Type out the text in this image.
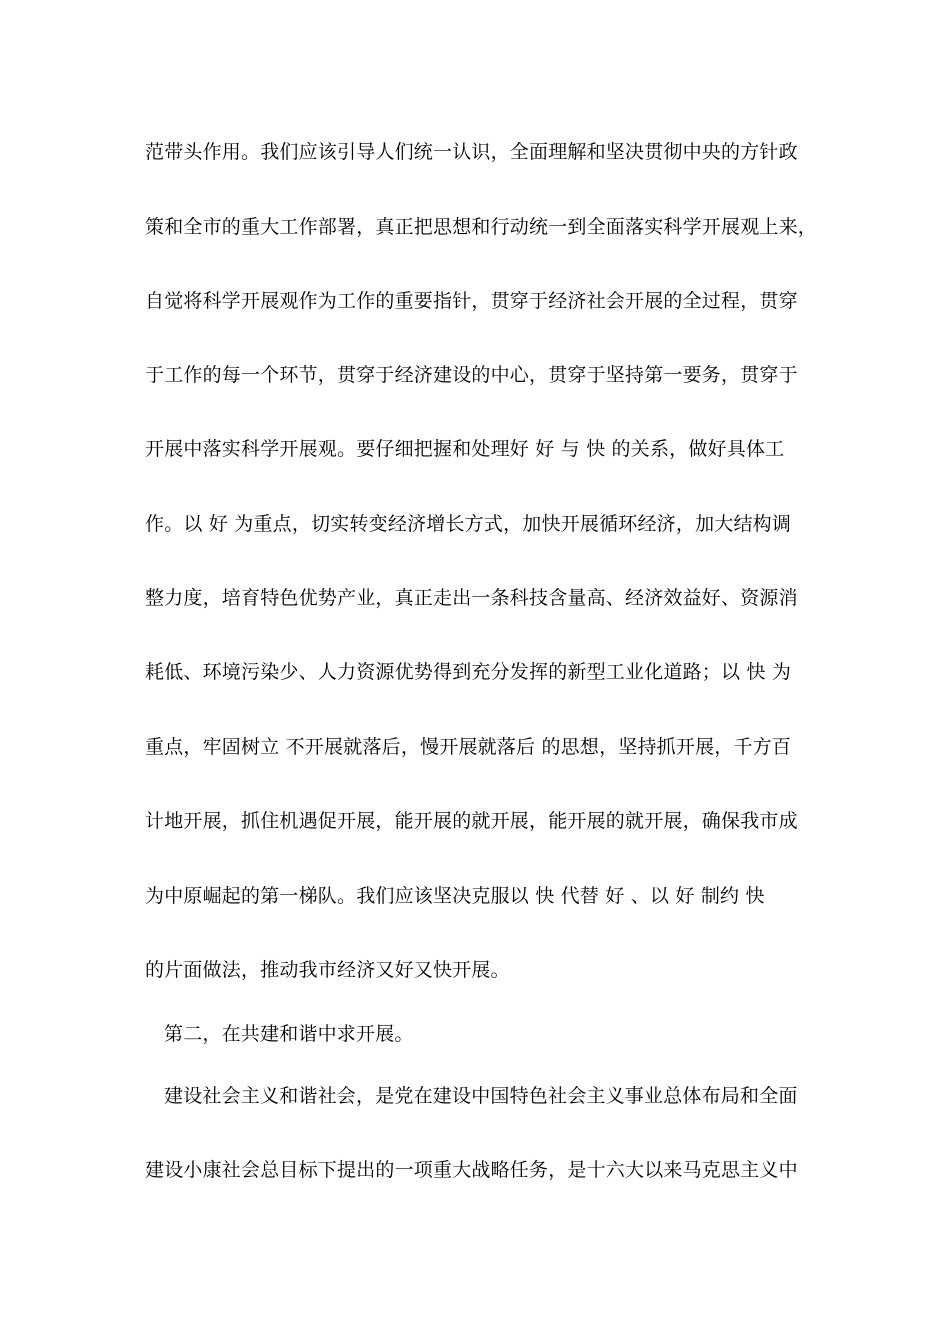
范带头作用。我们应该引导人们统一认识，全面理解和坚决贯彻中央的方针政
策和全市的重大工作部署，真正把思想和行动统一到全面落实科学开展观上来，
自觉将科学开展观作为工作的重要指针，贯穿于经济社会开展的全过程，贯穿
于工作的每一个环节，贯穿于经济建设的中心，贯穿于坚持第一要务，贯穿于
开展中落实科学开展观。要仔细把握和处理好 好 与 快 的关系，做好具体工
作。以 好 为重点，切实转变经济增长方式，加快开展循环经济，加大结构调
整力度，培育特色优势产业，真正走出一条科技含量高、经济效益好、资源消
耗低、环境污染少、人力资源优势得到充分发挥的新型工业化道路；以 快 为
重点，牢固树立 不开展就落后，慢开展就落后 的思想，坚持抓开展，千方百
计地开展，抓住机遇促开展，能开展的就开展，能开展的就开展，确保我市成
为中原崛起的第一梯队。我们应该坚决克服以 快 代替 好 、以 好 制约 快
的片面做法，推动我市经济又好又快开展。
第二，在共建和谐中求开展。
建设社会主义和谐社会，是党在建设中国特色社会主义事业总体布局和全面
建设小康社会总目标下提出的一项重大战略任务，是十六大以来马克思主义中
